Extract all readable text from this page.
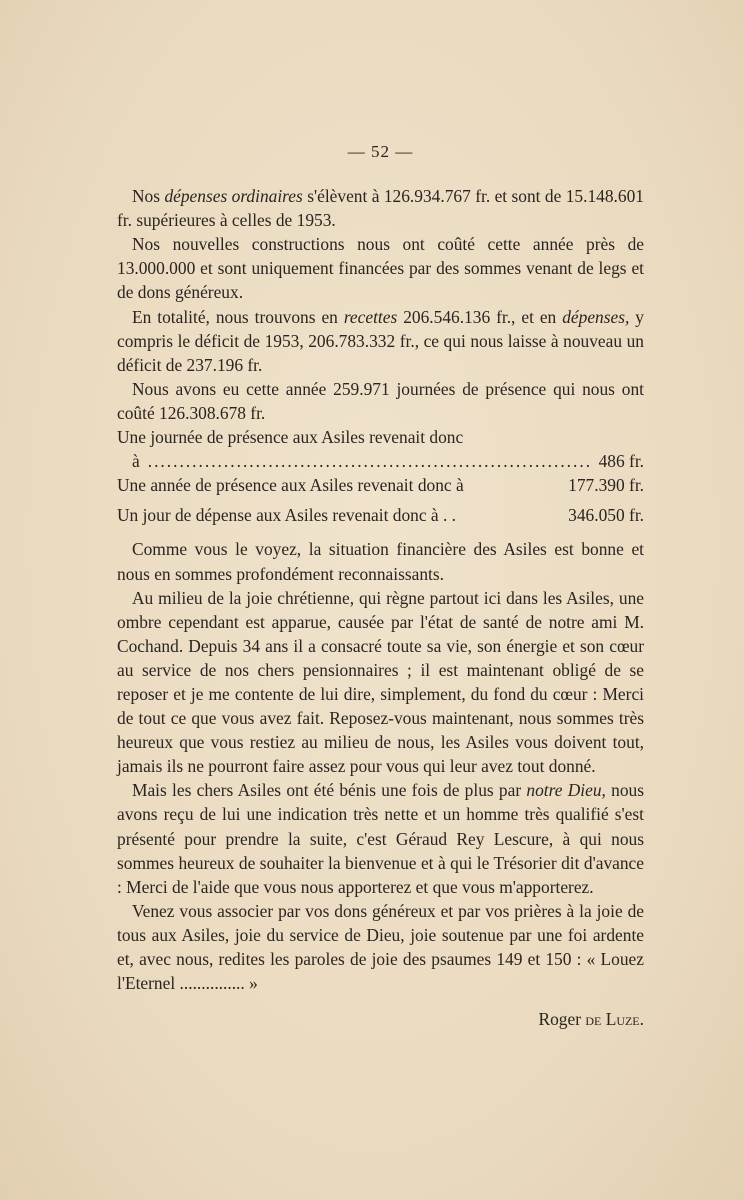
— 52 —

Nos dépenses ordinaires s'élèvent à 126.934.767 fr. et sont de 15.148.601 fr. supérieures à celles de 1953.

Nos nouvelles constructions nous ont coûté cette année près de 13.000.000 et sont uniquement financées par des sommes venant de legs et de dons généreux.

En totalité, nous trouvons en recettes 206.546.136 fr., et en dépenses, y compris le déficit de 1953, 206.783.332 fr., ce qui nous laisse à nouveau un déficit de 237.196 fr.

Nous avons eu cette année 259.971 journées de présence qui nous ont coûté 126.308.678 fr.

Une journée de présence aux Asiles revenait donc

à
.....	486 fr.
Une année de présence aux Asiles revenait donc à	177.390 fr.
Un jour de dépense aux Asiles revenait donc à . .	346.050 fr.

Comme vous le voyez, la situation financière des Asiles est bonne et nous en sommes profondément reconnaissants.

Au milieu de la joie chrétienne, qui règne partout ici dans les Asiles, une ombre cependant est apparue, causée par l'état de santé de notre ami M. Cochand. Depuis 34 ans il a consacré toute sa vie, son énergie et son cœur au service de nos chers pensionnaires ; il est maintenant obligé de se reposer et je me contente de lui dire, simplement, du fond du cœur : Merci de tout ce que vous avez fait. Reposez-vous maintenant, nous sommes très heureux que vous restiez au milieu de nous, les Asiles vous doivent tout, jamais ils ne pourront faire assez pour vous qui leur avez tout donné.

Mais les chers Asiles ont été bénis une fois de plus par notre Dieu, nous avons reçu de lui une indication très nette et un homme très qualifié s'est présenté pour prendre la suite, c'est Géraud Rey Lescure, à qui nous sommes heureux de souhaiter la bienvenue et à qui le Trésorier dit d'avance : Merci de l'aide que vous nous apporterez et que vous m'apporterez.

Venez vous associer par vos dons généreux et par vos prières à la joie de tous aux Asiles, joie du service de Dieu, joie soutenue par une foi ardente et, avec nous, redites les paroles de joie des psaumes 149 et 150 : « Louez l'Eternel ............... »

Roger de Luze.
